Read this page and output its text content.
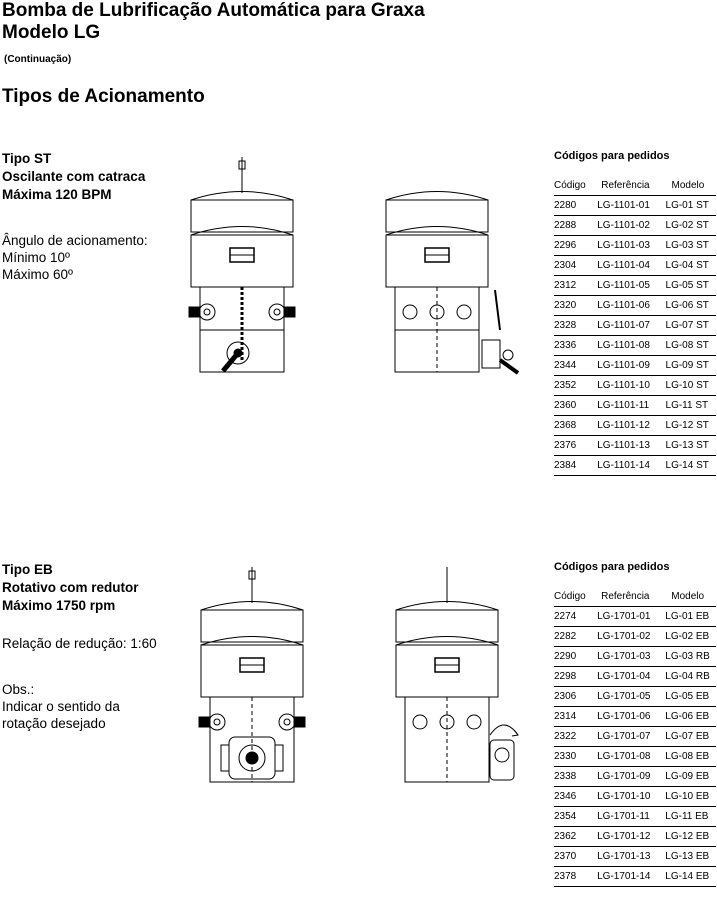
Bomba de Lubrificação Automática para Graxa
Modelo LG
(Continuação)
Tipos de Acionamento
Tipo ST
Oscilante com catraca
Máxima 120 BPM
Ângulo de acionamento:
Mínimo 10º
Máximo 60º
Códigos para pedidos
Código	Referência	Modelo
2280	LG-1101-01	LG-01 ST
2288	LG-1101-02	LG-02 ST
2296	LG-1101-03	LG-03 ST
2304	LG-1101-04	LG-04 ST
2312	LG-1101-05	LG-05 ST
2320	LG-1101-06	LG-06 ST
2328	LG-1101-07	LG-07 ST
2336	LG-1101-08	LG-08 ST
2344	LG-1101-09	LG-09 ST
2352	LG-1101-10	LG-10 ST
2360	LG-1101-11	LG-11 ST
2368	LG-1101-12	LG-12 ST
2376	LG-1101-13	LG-13 ST
2384	LG-1101-14	LG-14 ST
Tipo EB
Rotativo com redutor
Máximo 1750 rpm
Relação de redução: 1:60
Obs.:
Indicar o sentido da
rotação desejado
Códigos para pedidos
Código	Referência	Modelo
2274	LG-1701-01	LG-01 EB
2282	LG-1701-02	LG-02 EB
2290	LG-1701-03	LG-03 RB
2298	LG-1701-04	LG-04 RB
2306	LG-1701-05	LG-05 EB
2314	LG-1701-06	LG-06 EB
2322	LG-1701-07	LG-07 EB
2330	LG-1701-08	LG-08 EB
2338	LG-1701-09	LG-09 EB
2346	LG-1701-10	LG-10 EB
2354	LG-1701-11	LG-11 EB
2362	LG-1701-12	LG-12 EB
2370	LG-1701-13	LG-13 EB
2378	LG-1701-14	LG-14 EB
